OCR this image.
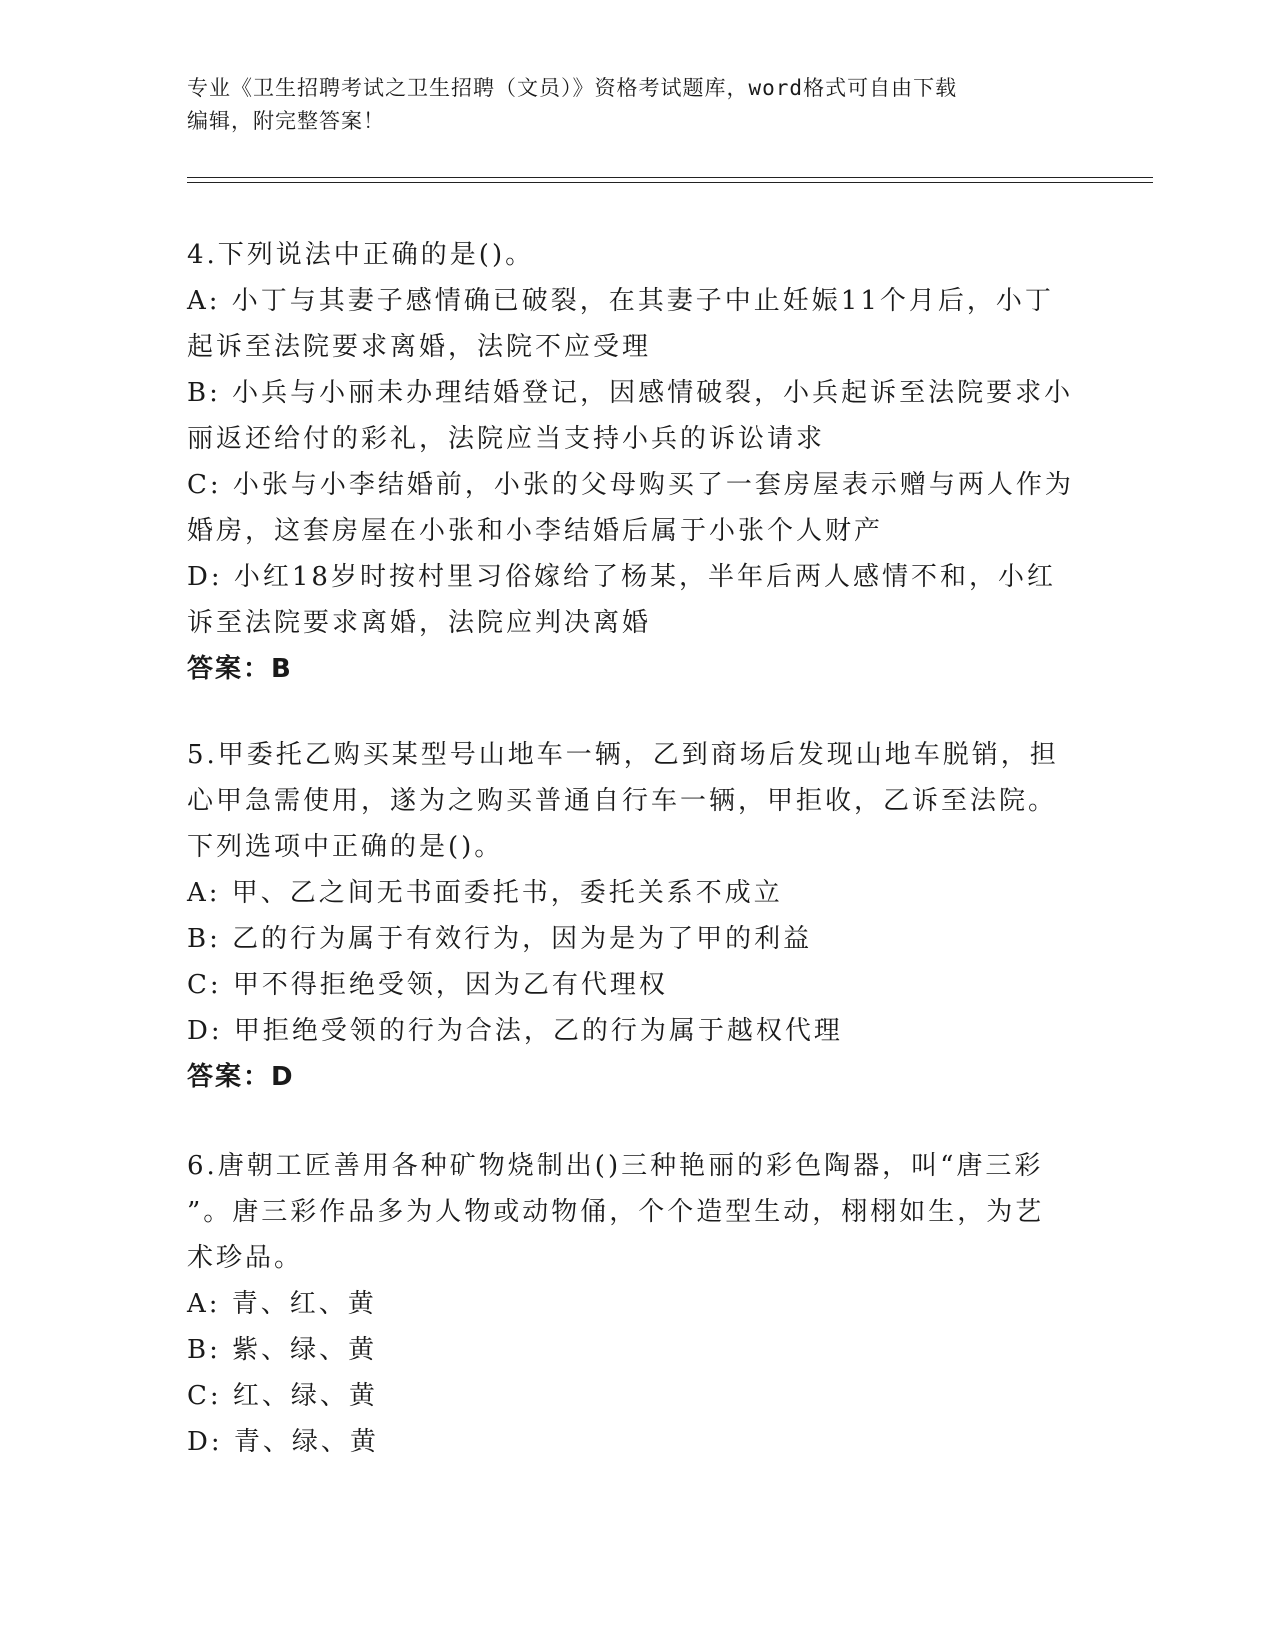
专业《卫生招聘考试之卫生招聘（文员）》资格考试题库，word格式可自由下载
编辑，附完整答案！
4.下列说法中正确的是()。
A: 小丁与其妻子感情确已破裂，在其妻子中止妊娠11个月后，小丁
起诉至法院要求离婚，法院不应受理
B: 小兵与小丽未办理结婚登记，因感情破裂，小兵起诉至法院要求小
丽返还给付的彩礼，法院应当支持小兵的诉讼请求
C: 小张与小李结婚前，小张的父母购买了一套房屋表示赠与两人作为
婚房，这套房屋在小张和小李结婚后属于小张个人财产
D: 小红18岁时按村里习俗嫁给了杨某，半年后两人感情不和，小红
诉至法院要求离婚，法院应判决离婚
答案：B
5.甲委托乙购买某型号山地车一辆，乙到商场后发现山地车脱销，担
心甲急需使用，遂为之购买普通自行车一辆，甲拒收，乙诉至法院。
下列选项中正确的是()。
A: 甲、乙之间无书面委托书，委托关系不成立
B: 乙的行为属于有效行为，因为是为了甲的利益
C: 甲不得拒绝受领，因为乙有代理权
D: 甲拒绝受领的行为合法，乙的行为属于越权代理
答案：D
6.唐朝工匠善用各种矿物烧制出()三种艳丽的彩色陶器，叫“唐三彩
”。唐三彩作品多为人物或动物俑，个个造型生动，栩栩如生，为艺
术珍品。
A: 青、红、黄
B: 紫、绿、黄
C: 红、绿、黄
D: 青、绿、黄
